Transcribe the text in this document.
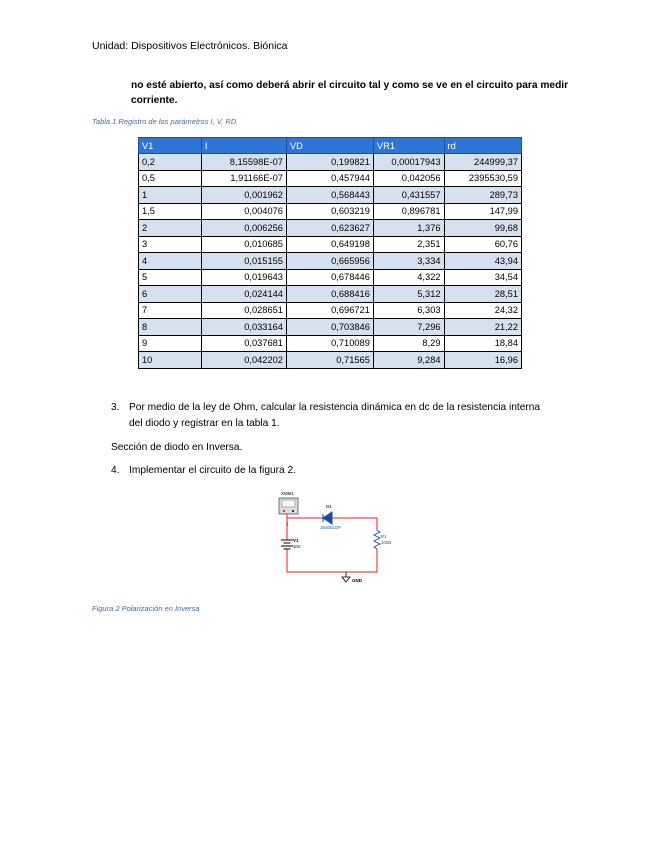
Unidad: Dispositivos Electrónicos. Biónica
no esté abierto, así como deberá abrir el circuito tal y como se ve en el circuito para medir corriente.
Tabla 1 Registro de los parámetros I, V, RD
V1	I	VD	VR1	rd
0,2	8,15598E-07	0,199821	0,00017943	244999,37
0,5	1,91166E-07	0,457944	0,042056	2395530,59
1	0,001962	0,568443	0,431557	289,73
1,5	0,004076	0,603219	0,896781	147,99
2	0,006256	0,623627	1,376	99,68
3	0,010685	0,649198	2,351	60,76
4	0,015155	0,665956	3,334	43,94
5	0,019643	0,678446	4,322	34,54
6	0,024144	0,688416	5,312	28,51
7	0,028651	0,696721	6,303	24,32
8	0,033164	0,703846	7,296	21,22
9	0,037681	0,710089	8,29	18,84
10	0,042202	0,71565	9,284	16,96
3. Por medio de la ley de Ohm, calcular la resistencia dinámica en dc de la resistencia interna
del diodo y registrar en la tabla 1.
Sección de diodo en Inversa.
4. Implementar el circuito de la figura 2.
XMM1
1
D1
1N4001GP
R1
100Ω
V1
10V
GND
Figura 2 Polarización en Inversa
